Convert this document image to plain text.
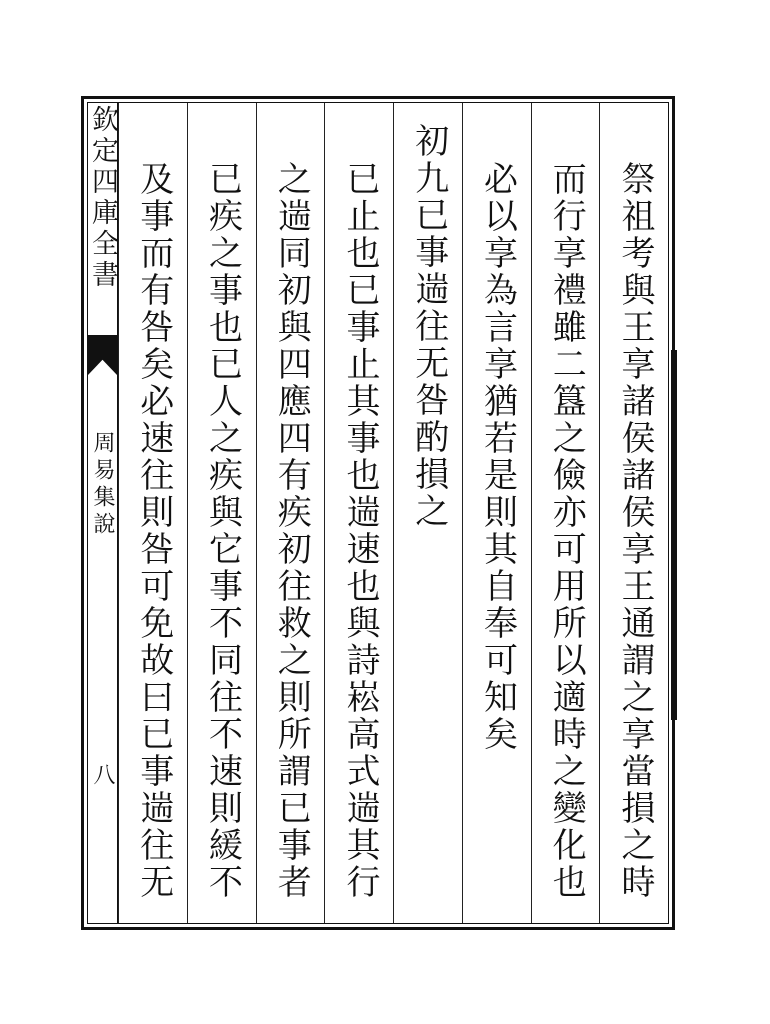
欽定四庫全書
周易集說
八	祭祖考與王享諸侯諸侯享王通謂之享當損之時
而行享禮雖二簋之儉亦可用所以適時之變化也
必以享為言享猶若是則其自奉可知矣
初九已事遄往无咎酌損之
已止也已事止其事也遄速也與詩崧高式遄其行
之遄同初與四應四有疾初往救之則所謂已事者
已疾之事也已人之疾與它事不同往不速則緩不
及事而有咎矣必速往則咎可免故曰已事遄往无
